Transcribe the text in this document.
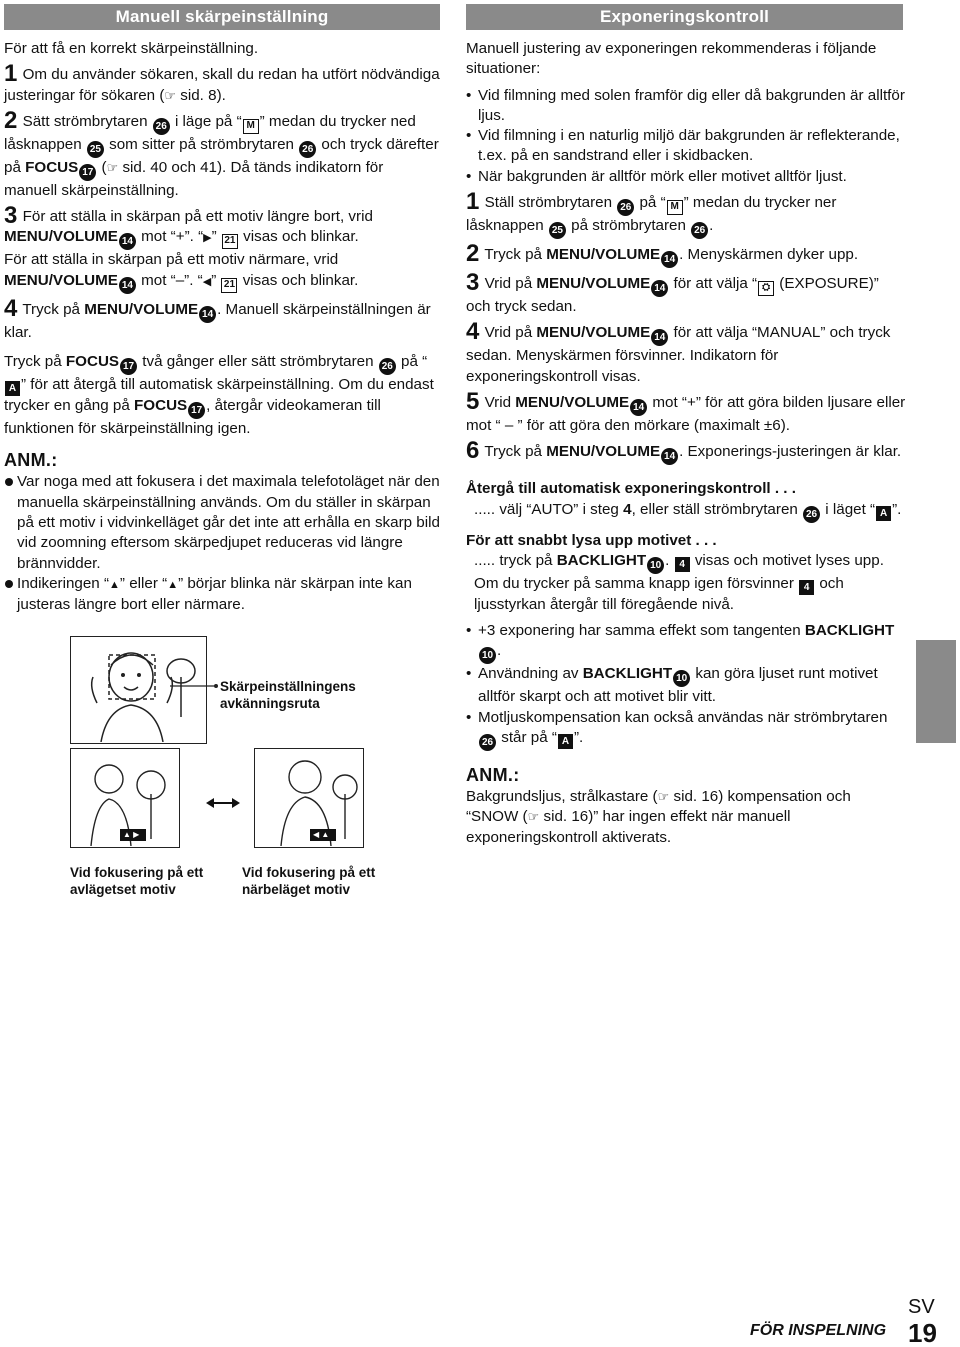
Manuell skärpeinställning	Exponeringskontroll

För att få en korrekt skärpeinställning.

1 Om du använder sökaren, skall du redan ha utfört nödvändiga justeringar för sökaren (☞ sid. 8).

2 Sätt strömbrytaren 26 i läge på “ M ” medan du trycker ned låsknappen 25 som sitter på strömbrytaren 26 och tryck därefter på FOCUS 17 (☞ sid. 40 och 41). Då tänds indikatorn för manuell skärpeinställning.

3 För att ställa in skärpan på ett motiv längre bort, vrid MENU/VOLUME 14 mot “+”. “▶” 21 visas och blinkar.
För att ställa in skärpan på ett motiv närmare, vrid MENU/VOLUME 14 mot “–”. “◀” 21 visas och blinkar.

4 Tryck på MENU/VOLUME 14 . Manuell skärpeinställningen är klar.

Tryck på FOCUS 17 två gånger eller sätt strömbrytaren 26 på “A ” för att återgå till automatisk skärpeinställning. Om du endast trycker en gång på FOCUS 17 , återgår videokameran till funktionen för skärpeinställning igen.

ANM.:

Var noga med att fokusera i det maximala telefotoläget när den manuella skärpeinställning används. Om du ställer in skärpan på ett motiv i vidvinkelläget går det inte att erhålla en skarp bild vid zoomning eftersom skärpedjupet reduceras vid längre brännvidder.
Indikeringen “▲” eller “▲” börjar blinka när skärpan inte kan justeras längre bort eller närmare.
Skärpeinställningens avkänningsruta
▲ ▶	◀ ▲
Vid fokusering på ett avlägetset motiv
Vid fokusering på ett närbeläget motiv

Manuell justering av exponeringen rekommenderas i följande situationer:

• Vid filmning med solen framför dig eller då bakgrunden är alltför ljus.
• Vid filmning i en naturlig miljö där bakgrunden är reflekterande, t.ex. på en sandstrand eller i skidbacken.
• När bakgrunden är alltför mörk eller motivet alltför ljust.

1 Ställ strömbrytaren 26 på “ M ” medan du trycker ner låsknappen 25 på strömbrytaren 26 .

2 Tryck på MENU/VOLUME 14 . Menyskärmen dyker upp.

3 Vrid på MENU/VOLUME 14 för att välja “ ⛭ (EXPOSURE)” och tryck sedan.

4 Vrid på MENU/VOLUME 14 för att välja “MANUAL” och tryck sedan. Menyskärmen försvinner. Indikatorn för exponeringskontroll visas.

5 Vrid MENU/VOLUME 14 mot “+” för att göra bilden ljusare eller mot “ – ” för att göra den mörkare (maximalt ±6).

6 Tryck på MENU/VOLUME 14 . Exponerings-justeringen är klar.

Återgå till automatisk exponeringskontroll . . .

..... välj “AUTO” i steg 4, eller ställ strömbrytaren 26 i läget “ A ”.

För att snabbt lysa upp motivet . . .

..... tryck på BACKLIGHT 10 . 4 visas och motivet lyses upp. Om du trycker på samma knapp igen försvinner 4 och ljusstyrkan återgår till föregående nivå.

• +3 exponering har samma effekt som tangenten BACKLIGHT10 .
• Användning av BACKLIGHT 10 kan göra ljuset runt motivet alltför skarpt och att motivet blir vitt.
• Motljuskompensation kan också användas när strömbrytaren 26 står på “ A ”.

ANM.:

Bakgrundsljus, strålkastare (☞ sid. 16) kompensation och “SNOW (☞ sid. 16)” har ingen effekt när manuell exponeringskontroll aktiverats.

SV
FÖR INSPELNING 19
